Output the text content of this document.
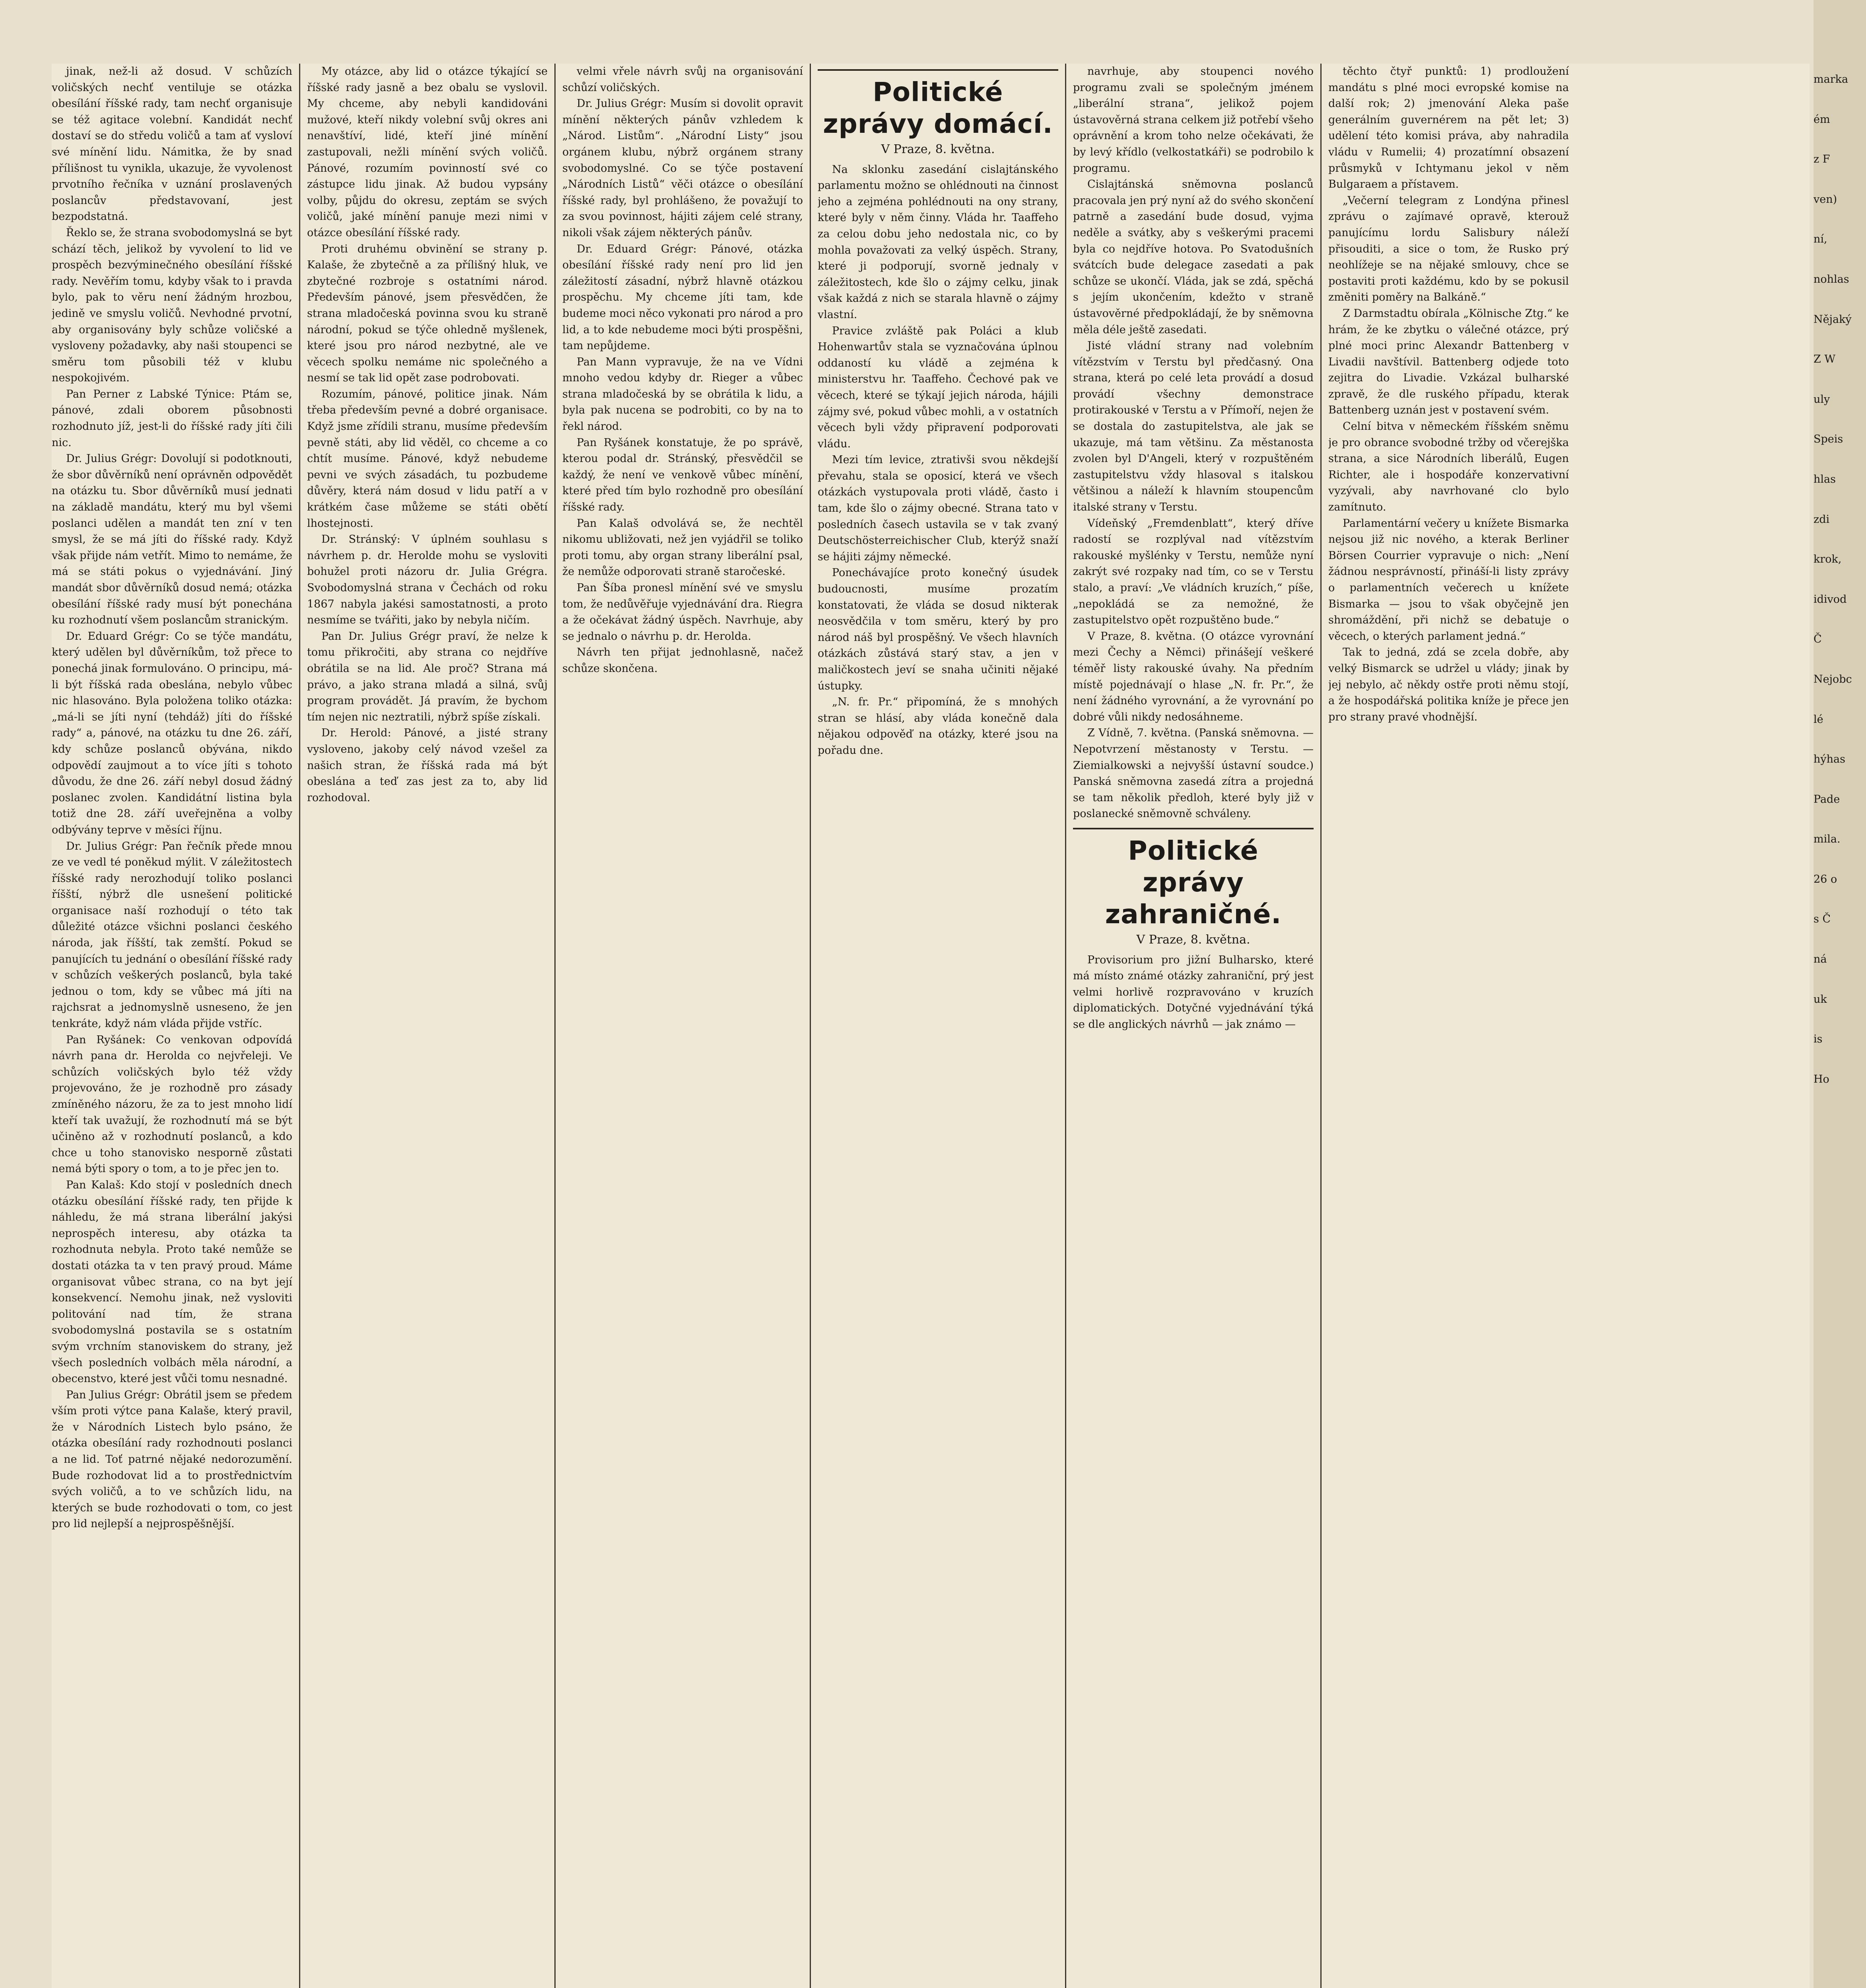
jinak, než-li až dosud. V schůzích voličských nechť ventiluje se otázka obesílání říšské rady, tam nechť organisuje se též agitace volební. Kandidát nechť dostaví se do středu voličů a tam ať vysloví své mínění lidu. Námitka, že by snad přílišnost tu vynikla, ukazuje, že vyvolenost prvotního řečníka v uznání proslavených poslancův představovaní, jest bezpodstatná.

Řeklo se, že strana svobodomyslná se byt schází těch, jelikož by vyvolení to lid ve prospěch bezvýminečného obesílání říšské rady. Nevěřím tomu, kdyby však to i pravda bylo, pak to věru není žádným hrozbou, jedině ve smyslu voličů. Nevhodné prvotní, aby organisovány byly schůze voličské a vysloveny požadavky, aby naši stoupenci se směru tom působili též v klubu nespokojivém.

Pan Perner z Labské Týnice: Ptám se, pánové, zdali oborem působnosti rozhodnuto jíž, jest-li do říšské rady jíti čili nic.

Dr. Julius Grégr: Dovolují si podotknouti, že sbor důvěrníků není oprávněn odpovědět na otázku tu. Sbor důvěrníků musí jednati na základě mandátu, který mu byl všemi poslanci udělen a mandát ten zní v ten smysl, že se má jíti do říšské rady. Když však přijde nám vetřít. Mimo to nemáme, že má se státi pokus o vyjednávání. Jiný mandát sbor důvěrníků dosud nemá; otázka obesílání říšské rady musí být ponechána ku rozhodnutí všem poslancům stranickým.

Dr. Eduard Grégr: Co se týče mandátu, který udělen byl důvěrníkům, tož přece to ponechá jinak formulováno. O principu, má-li být říšská rada obeslána, nebylo vůbec nic hlasováno. Byla položena toliko otázka: „má-li se jíti nyní (tehdáž) jíti do říšské rady“ a, pánové, na otázku tu dne 26. září, kdy schůze poslanců obývána, nikdo odpovědí zaujmout a to více jíti s tohoto důvodu, že dne 26. září nebyl dosud žádný poslanec zvolen. Kandidátní listina byla totiž dne 28. září uveřejněna a volby odbývány teprve v měsíci říjnu.

Dr. Julius Grégr: Pan řečník přede mnou ze ve vedl té poněkud mýlit. V záležitostech říšské rady nerozhodují toliko poslanci říšští, nýbrž dle usnešení politické organisace naší rozhodují o této tak důležité otázce všichni poslanci českého národa, jak říšští, tak zemští. Pokud se panujících tu jednání o obesílání říšské rady v schůzích veškerých poslanců, byla také jednou o tom, kdy se vůbec má jíti na rajchsrat a jednomyslně usneseno, že jen tenkráte, když nám vláda přijde vstříc.

Pan Ryšánek: Co venkovan odpovídá návrh pana dr. Herolda co nejvřeleji. Ve schůzích voličských bylo též vždy projevováno, že je rozhodně pro zásady zmíněného názoru, že za to jest mnoho lidí kteří tak uvažují, že rozhodnutí má se být učiněno až v rozhodnutí poslanců, a kdo chce u toho stanovisko nesporně zůstati nemá býti spory o tom, a to je přec jen to.

Pan Kalaš: Kdo stojí v posledních dnech otázku obesílání říšské rady, ten přijde k náhledu, že má strana liberální jakýsi neprospěch interesu, aby otázka ta rozhodnuta nebyla. Proto také nemůže se dostati otázka ta v ten pravý proud. Máme organisovat vůbec strana, co na byt její konsekvencí. Nemohu jinak, než vysloviti politování nad tím, že strana svobodomyslná postavila se s ostatním svým vrchním stanoviskem do strany, jež všech posledních volbách měla národní, a obecenstvo, které jest vůči tomu nesnadné.

Pan Julius Grégr: Obrátil jsem se předem vším proti výtce pana Kalaše, který pravil, že v Národních Listech bylo psáno, že otázka obesílání rady rozhodnouti poslanci a ne lid. Toť patrné nějaké nedorozumění. Bude rozhodovat lid a to prostřednictvím svých voličů, a to ve schůzích lidu, na kterých se bude rozhodovati o tom, co jest pro lid nejlepší a nejprospěšnější.

My otázce, aby lid o otázce týkající se říšské rady jasně a bez obalu se vyslovil. My chceme, aby nebyli kandidováni mužové, kteří nikdy volební svůj okres ani nenavštíví, lidé, kteří jiné mínění zastupovali, nežli mínění svých voličů. Pánové, rozumím povinností své co zástupce lidu jinak. Až budou vypsány volby, půjdu do okresu, zeptám se svých voličů, jaké mínění panuje mezi nimi v otázce obesílání říšské rady.

Proti druhému obvinění se strany p. Kalaše, že zbytečně a za přílišný hluk, ve zbytečné rozbroje s ostatními národ. Především pánové, jsem přesvědčen, že strana mladočeská povinna svou ku straně národní, pokud se týče ohledně myšlenek, které jsou pro národ nezbytné, ale ve věcech spolku nemáme nic společného a nesmí se tak lid opět zase podrobovati.

Rozumím, pánové, politice jinak. Nám třeba především pevné a dobré organisace. Když jsme zřídili stranu, musíme především pevně státi, aby lid věděl, co chceme a co chtít musíme. Pánové, když nebudeme pevni ve svých zásadách, tu pozbudeme důvěry, která nám dosud v lidu patří a v krátkém čase můžeme se státi obětí lhostejnosti.

Dr. Stránský: V úplném souhlasu s návrhem p. dr. Herolde mohu se vysloviti bohužel proti názoru dr. Julia Grégra. Svobodomyslná strana v Čechách od roku 1867 nabyla jakési samostatnosti, a proto nesmíme se tvářiti, jako by nebyla ničím.

Pan Dr. Julius Grégr praví, že nelze k tomu přikročiti, aby strana co nejdříve obrátila se na lid. Ale proč? Strana má právo, a jako strana mladá a silná, svůj program provádět. Já pravím, že bychom tím nejen nic neztratili, nýbrž spíše získali.

Dr. Herold: Pánové, a jisté strany vysloveno, jakoby celý návod vzešel za našich stran, že říšská rada má být obeslána a teď zas jest za to, aby lid rozhodoval.

velmi vřele návrh svůj na organisování schůzí voličských.

Dr. Julius Grégr: Musím si dovolit opravit mínění některých pánův vzhledem k „Národ. Listům“. „Národní Listy“ jsou orgánem klubu, nýbrž orgánem strany svobodomyslné. Co se týče postavení „Národních Listů“ věči otázce o obesílání říšské rady, byl prohlášeno, že považují to za svou povinnost, hájiti zájem celé strany, nikoli však zájem některých pánův.

Dr. Eduard Grégr: Pánové, otázka obesílání říšské rady není pro lid jen záležitostí zásadní, nýbrž hlavně otázkou prospěchu. My chceme jíti tam, kde budeme moci něco vykonati pro národ a pro lid, a to kde nebudeme moci býti prospěšni, tam nepůjdeme.

Pan Mann vypravuje, že na ve Vídni mnoho vedou kdyby dr. Rieger a vůbec strana mladočeská by se obrátila k lidu, a byla pak nucena se podrobiti, co by na to řekl národ.

Pan Ryšánek konstatuje, že po správě, kterou podal dr. Stránský, přesvědčil se každý, že není ve venkově vůbec mínění, které před tím bylo rozhodně pro obesílání říšské rady.

Pan Kalaš odvolává se, že nechtěl nikomu ubližovati, než jen vyjádřil se toliko proti tomu, aby organ strany liberální psal, že nemůže odporovati straně staročeské.

Pan Šíba pronesl mínění své ve smyslu tom, že nedůvěřuje vyjednávání dra. Riegra a že očekávat žádný úspěch. Navrhuje, aby se jednalo o návrhu p. dr. Herolda.

Návrh ten přijat jednohlasně, načež schůze skončena.

Politické zprávy domácí.
V Praze, 8. května.

Na sklonku zasedání cislajtánského parlamentu možno se ohlédnouti na činnost jeho a zejména pohlédnouti na ony strany, které byly v něm činny. Vláda hr. Taaffeho za celou dobu jeho nedostala nic, co by mohla považovati za velký úspěch. Strany, které ji podporují, svorně jednaly v záležitostech, kde šlo o zájmy celku, jinak však každá z nich se starala hlavně o zájmy vlastní.

Pravice zvláště pak Poláci a klub Hohenwartův stala se vyznačována úplnou oddaností ku vládě a zejména k ministerstvu hr. Taaffeho. Čechové pak ve věcech, které se týkají jejich národa, hájili zájmy své, pokud vůbec mohli, a v ostatních věcech byli vždy připravení podporovati vládu.

Mezi tím levice, ztrativši svou někdejší převahu, stala se oposicí, která ve všech otázkách vystupovala proti vládě, často i tam, kde šlo o zájmy obecné. Strana tato v posledních časech ustavila se v tak zvaný Deutschösterreichischer Club, kterýž snaží se hájiti zájmy německé.

Ponechávajíce proto konečný úsudek budoucnosti, musíme prozatím konstatovati, že vláda se dosud nikterak neosvědčila v tom směru, který by pro národ náš byl prospěšný. Ve všech hlavních otázkách zůstává starý stav, a jen v maličkostech jeví se snaha učiniti nějaké ústupky.

„N. fr. Pr.“ připomíná, že s mnohých stran se hlásí, aby vláda konečně dala nějakou odpověď na otázky, které jsou na pořadu dne.

navrhuje, aby stoupenci nového programu zvali se společným jménem „liberální strana“, jelikož pojem ústavověrná strana celkem již potřebí všeho oprávnění a krom toho nelze očekávati, že by levý křídlo (velkostatkáři) se podrobilo k programu.

Cislajtánská sněmovna poslanců pracovala jen prý nyní až do svého skončení patrně a zasedání bude dosud, vyjma neděle a svátky, aby s veškerými pracemi byla co nejdříve hotova. Po Svatodušních svátcích bude delegace zasedati a pak schůze se ukončí. Vláda, jak se zdá, spěchá s jejím ukončením, kdežto v straně ústavověrné předpokládají, že by sněmovna měla déle ještě zasedati.

Jisté vládní strany nad volebním vítězstvím v Terstu byl předčasný. Ona strana, která po celé leta provádí a dosud provádí všechny demonstrace protirakouské v Terstu a v Přímoří, nejen že se dostala do zastupitelstva, ale jak se ukazuje, má tam většinu. Za městanosta zvolen byl D'Angeli, který v rozpuštěném zastupitelstvu vždy hlasoval s italskou většinou a náleží k hlavním stoupencům italské strany v Terstu.

Vídeňský „Fremdenblatt“, který dříve radostí se rozplýval nad vítězstvím rakouské myšlénky v Terstu, nemůže nyní zakrýt své rozpaky nad tím, co se v Terstu stalo, a praví: „Ve vládních kruzích,“ píše, „nepokládá se za nemožné, že zastupitelstvo opět rozpuštěno bude.“

V Praze, 8. května. (O otázce vyrovnání mezi Čechy a Němci) přinášejí veškeré téměř listy rakouské úvahy. Na předním místě pojednávají o hlase „N. fr. Pr.“, že není žádného vyrovnání, a že vyrovnání po dobré vůli nikdy nedosáhneme.

Z Vídně, 7. května. (Panská sněmovna. — Nepotvrzení městanosty v Terstu. — Ziemialkowski a nejvyšší ústavní soudce.) Panská sněmovna zasedá zítra a projedná se tam několik předloh, které byly již v poslanecké sněmovně schváleny.

Politické zprávy zahraničné.
V Praze, 8. května.

Provisorium pro jižní Bulharsko, které má místo známé otázky zahraniční, prý jest velmi horlivě rozpravováno v kruzích diplomatických. Dotyčné vyjednávání týká se dle anglických návrhů — jak známo —

těchto čtyř punktů: 1) prodloužení mandátu s plné moci evropské komise na další rok; 2) jmenování Aleka paše generálním guvernérem na pět let; 3) udělení této komisi práva, aby nahradila vládu v Rumelii; 4) prozatímní obsazení průsmyků v Ichtymanu jekol v něm Bulgaraem a přístavem.

„Večerní telegram z Londýna přinesl zprávu o zajímavé opravě, kterouž panujícímu lordu Salisbury náleží přisouditi, a sice o tom, že Rusko prý neohlížeje se na nějaké smlouvy, chce se postaviti proti každému, kdo by se pokusil změniti poměry na Balkáně.“

Z Darmstadtu obírala „Kölnische Ztg.“ ke hrám, že ke zbytku o válečné otázce, prý plné moci princ Alexandr Battenberg v Livadii navštívil. Battenberg odjede toto zejitra do Livadie. Vzkázal bulharské zpravě, že dle ruského případu, kterak Battenberg uznán jest v postavení svém.

Celní bitva v německém říšském sněmu je pro obrance svobodné tržby od včerejška strana, a sice Národních liberálů, Eugen Richter, ale i hospodáře konzervativní vyzývali, aby navrhované clo bylo zamítnuto.

Parlamentární večery u knížete Bismarka nejsou již nic nového, a kterak Berliner Börsen Courrier vypravuje o nich: „Není žádnou nesprávností, přináší-li listy zprávy o parlamentních večerech u knížete Bismarka — jsou to však obyčejně jen shromáždění, při nichž se debatuje o věcech, o kterých parlament jedná.“

Tak to jedná, zdá se zcela dobře, aby velký Bismarck se udržel u vlády; jinak by jej nebylo, ač někdy ostře proti němu stojí, a že hospodářská politika kníže je přece jen pro strany pravé vhodnější.

marka

ém

z F

ven)

ní,

nohlas

Nějaký

Z W

uly

Speis

hlas

zdi

krok,

idivod

Č

Nejobc

lé

hýhas

Pade

mila.

26 o

s Č

ná

uk

is

Ho
